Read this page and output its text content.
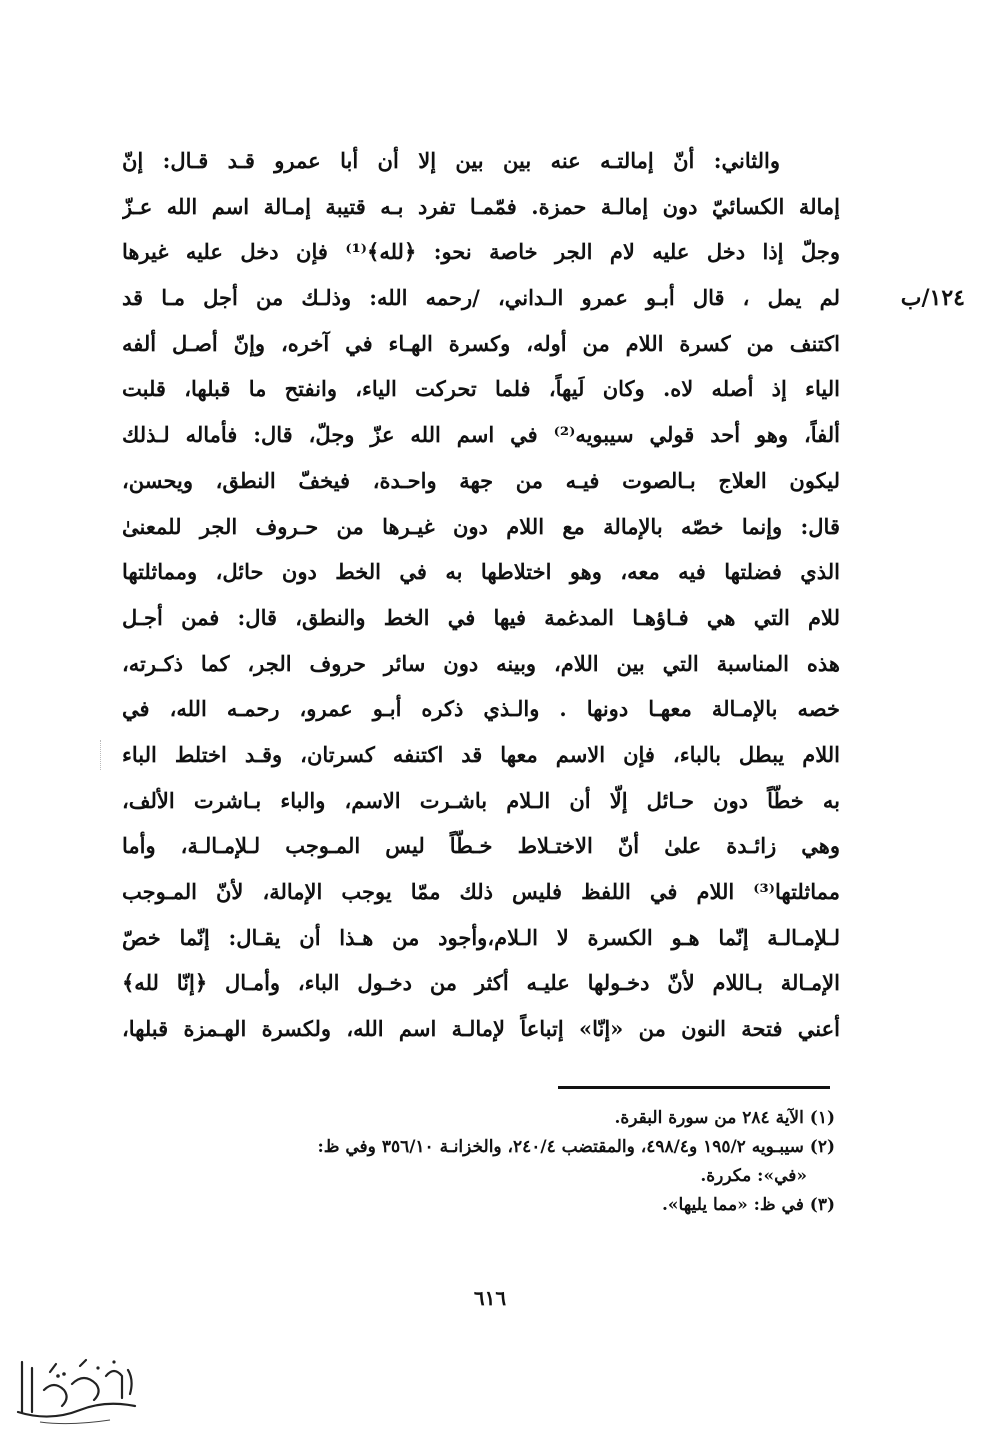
١٢٤/ب
والثاني: أنّ إمالتـه عنه بين بين إلا أن أبا عمرو قـد قـال: إنّ
إمالة الكسائيّ دون إمالـة حمزة. فمّمـا تفرد بـه قتيبة إمـالة اسم الله عـزّ
وجلّ إذا دخل عليه لام الجر خاصة نحو: ﴿لله﴾⁽¹⁾ فإن دخل عليه غيرها
لم يمل ، قال أبـو عمرو الـداني، /رحمه الله: وذلـك من أجل مـا قد
اكتنف من كسرة اللام من أوله، وكسرة الهـاء في آخره، وإنّ أصـل ألفه
الياء إذ أصله لاه. وكان لَيهاً، فلما تحركت الياء، وانفتح ما قبلها، قلبت
ألفاً، وهو أحد قولي سيبويه⁽²⁾ في اسم الله عزّ وجلّ، قال: فأماله لـذلك
ليكون العلاج بـالصوت فيـه من جهة واحـدة، فيخفّ النطق، ويحسن،
قال: وإنما خصّه بالإمالة مع اللام دون غيـرها من حـروف الجر للمعنىٰ
الذي فضلتها فيه معه، وهو اختلاطها به في الخط دون حائل، ومماثلتها
للام التي هي فـاؤهـا المدغمة فيها في الخط والنطق، قال: فمن أجـل
هذه المناسبة التي بين اللام، وبينه دون سائر حروف الجر، كما ذكـرته،
خصه بالإمـالة معهـا دونها . والـذي ذكره أبـو عمرو، رحمـه الله، في
اللام يبطل بالباء، فإن الاسم معها قد اكتنفه كسرتان، وقـد اختلط الباء
به خطّاً دون حـائل إلّا أن الـلام باشـرت الاسم، والباء بـاشرت الألف،
وهي زائـدة علىٰ أنّ الاختـلاط خـطّاً ليس المـوجب لـلإمـالـة، وأما
مماثلتها⁽³⁾ اللام في اللفظ فليس ذلك ممّا يوجب الإمالة، لأنّ المـوجب
لـلإمـالـة إنّما هـو الكسرة لا الـلام،وأجود من هـذا أن يقـال: إنّما خصّ
الإمـالة بـاللام لأنّ دخـولها عليـه أكثر من دخـول الباء، وأمـال ﴿إنّا لله﴾
أعني فتحة النون من «إنّا» إتباعاً لإمالـة اسم الله، ولكسرة الهـمزة قبلها،
(١) الآية ٢٨٤ من سورة البقرة.
(٢) سيبـويه ١٩٥/٢ و٤٩٨/٤، والمقتضب ٢٤٠/٤، والخزانـة ٣٥٦/١٠ وفي ظ:
«في»: مكررة.
(٣) في ظ: «مما يليها».
٦١٦
